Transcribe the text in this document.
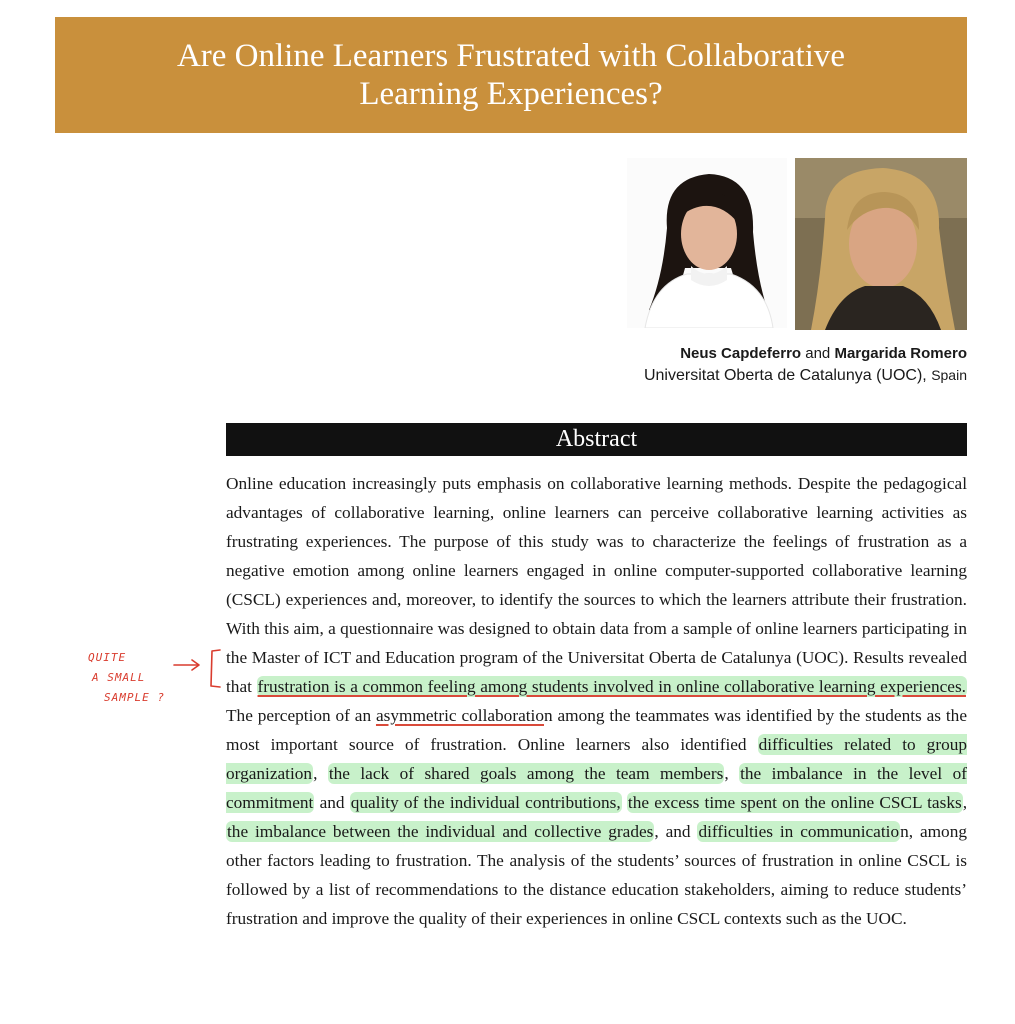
Are Online Learners Frustrated with Collaborative
Learning Experiences?
Neus Capdeferro and Margarida Romero
Universitat Oberta de Catalunya (UOC), Spain
Abstract

Online education increasingly puts emphasis on collaborative learning methods. Despite the pedagogical advantages of collaborative learning, online learners can perceive collaborative learning activities as frustrating experiences. The purpose of this study was to characterize the feelings of frustration as a negative emotion among online learners engaged in online computer-supported collaborative learning (CSCL) experiences and, moreover, to identify the sources to which the learners attribute their frustration. With this aim, a questionnaire was designed to obtain data from a sample of online learners participating in the Master of ICT and Education program of the Universitat Oberta de Catalunya (UOC). Results revealed that frustration is a common feeling among students involved in online collaborative learning experiences. The perception of an asymmetric collaboration among the teammates was identified by the students as the most important source of frustration. Online learners also identified difficulties related to group organization, the lack of shared goals among the team members, the imbalance in the level of commitment and quality of the individual contributions, the excess time spent on the online CSCL tasks, the imbalance between the individual and collective grades, and difficulties in communication, among other factors leading to frustration. The analysis of the students’ sources of frustration in online CSCL is followed by a list of recommendations to the distance education stakeholders, aiming to reduce students’ frustration and improve the quality of their experiences in online CSCL contexts such as the UOC.

QUITE
A SMALL
SAMPLE ?
